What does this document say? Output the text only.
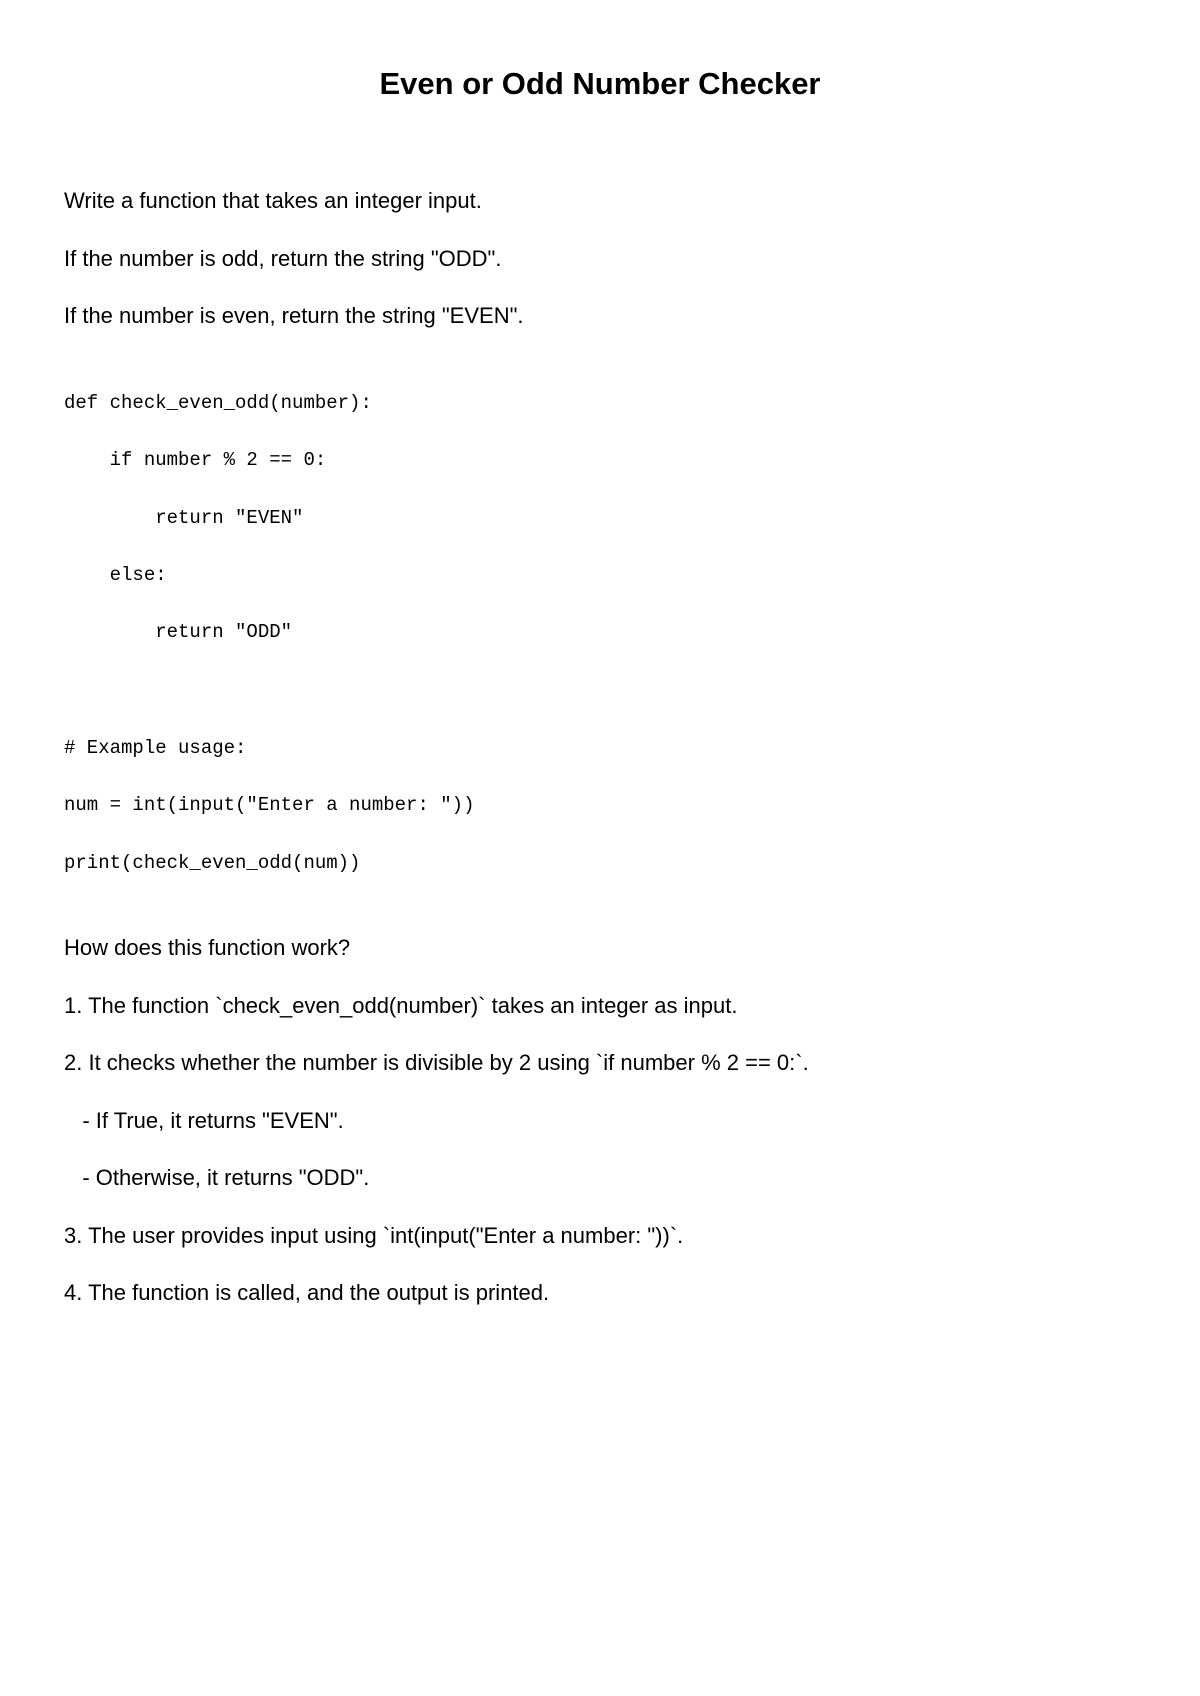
Even or Odd Number Checker
Write a function that takes an integer input.
If the number is odd, return the string "ODD".
If the number is even, return the string "EVEN".
def check_even_odd(number):
if number % 2 == 0:
return "EVEN"
else:
return "ODD"
# Example usage:
num = int(input("Enter a number: "))
print(check_even_odd(num))
How does this function work?
1. The function `check_even_odd(number)` takes an integer as input.
2. It checks whether the number is divisible by 2 using `if number % 2 == 0:`.
- If True, it returns "EVEN".
- Otherwise, it returns "ODD".
3. The user provides input using `int(input("Enter a number: "))`.
4. The function is called, and the output is printed.
